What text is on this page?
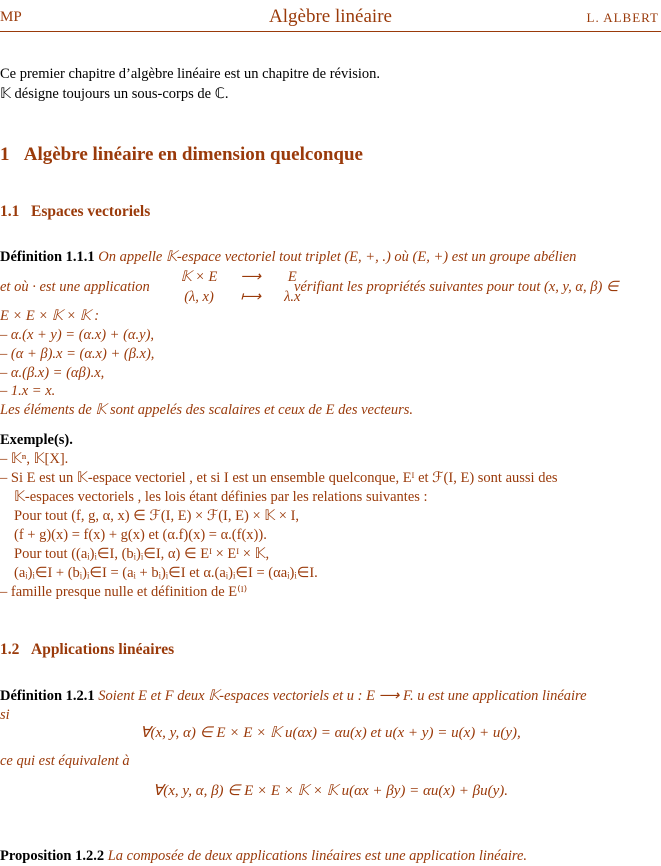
MP	Algèbre linéaire	L. ALBERT
Ce premier chapitre d’algèbre linéaire est un chapitre de révision.
𝕂 désigne toujours un sous-corps de ℂ.
1 Algèbre linéaire en dimension quelconque
1.1 Espaces vectoriels
Définition 1.1.1 On appelle 𝕂-espace vectoriel tout triplet (E, +, .) où (E, +) est un groupe abélien
et où · est une application
𝕂 × E ⟶ E
(λ, x) ⟼ λ.x
vérifiant les propriétés suivantes pour tout (x, y, α, β) ∈
E × E × 𝕂 × 𝕂 :
– α.(x + y) = (α.x) + (α.y),
– (α + β).x = (α.x) + (β.x),
– α.(β.x) = (αβ).x,
– 1.x = x.
Les éléments de 𝕂 sont appelés des scalaires et ceux de E des vecteurs.
Exemple(s).
– 𝕂ⁿ, 𝕂[X].
– Si E est un 𝕂-espace vectoriel , et si I est un ensemble quelconque, Eᴵ et ℱ(I, E) sont aussi des
𝕂-espaces vectoriels , les lois étant définies par les relations suivantes :
Pour tout (f, g, α, x) ∈ ℱ(I, E) × ℱ(I, E) × 𝕂 × I,
(f + g)(x) = f(x) + g(x) et (α.f)(x) = α.(f(x)).
Pour tout ((aᵢ)ᵢ∈I, (bᵢ)ᵢ∈I, α) ∈ Eᴵ × Eᴵ × 𝕂,
(aᵢ)ᵢ∈I + (bᵢ)ᵢ∈I = (aᵢ + bᵢ)ᵢ∈I et α.(aᵢ)ᵢ∈I = (αaᵢ)ᵢ∈I.
– famille presque nulle et définition de E⁽ᴵ⁾
1.2 Applications linéaires
Définition 1.2.1 Soient E et F deux 𝕂-espaces vectoriels et u : E ⟶ F. u est une application linéaire
si
∀(x, y, α) ∈ E × E × 𝕂 u(αx) = αu(x) et u(x + y) = u(x) + u(y),
ce qui est équivalent à
∀(x, y, α, β) ∈ E × E × 𝕂 × 𝕂 u(αx + βy) = αu(x) + βu(y).
Proposition 1.2.2 La composée de deux applications linéaires est une application linéaire.
